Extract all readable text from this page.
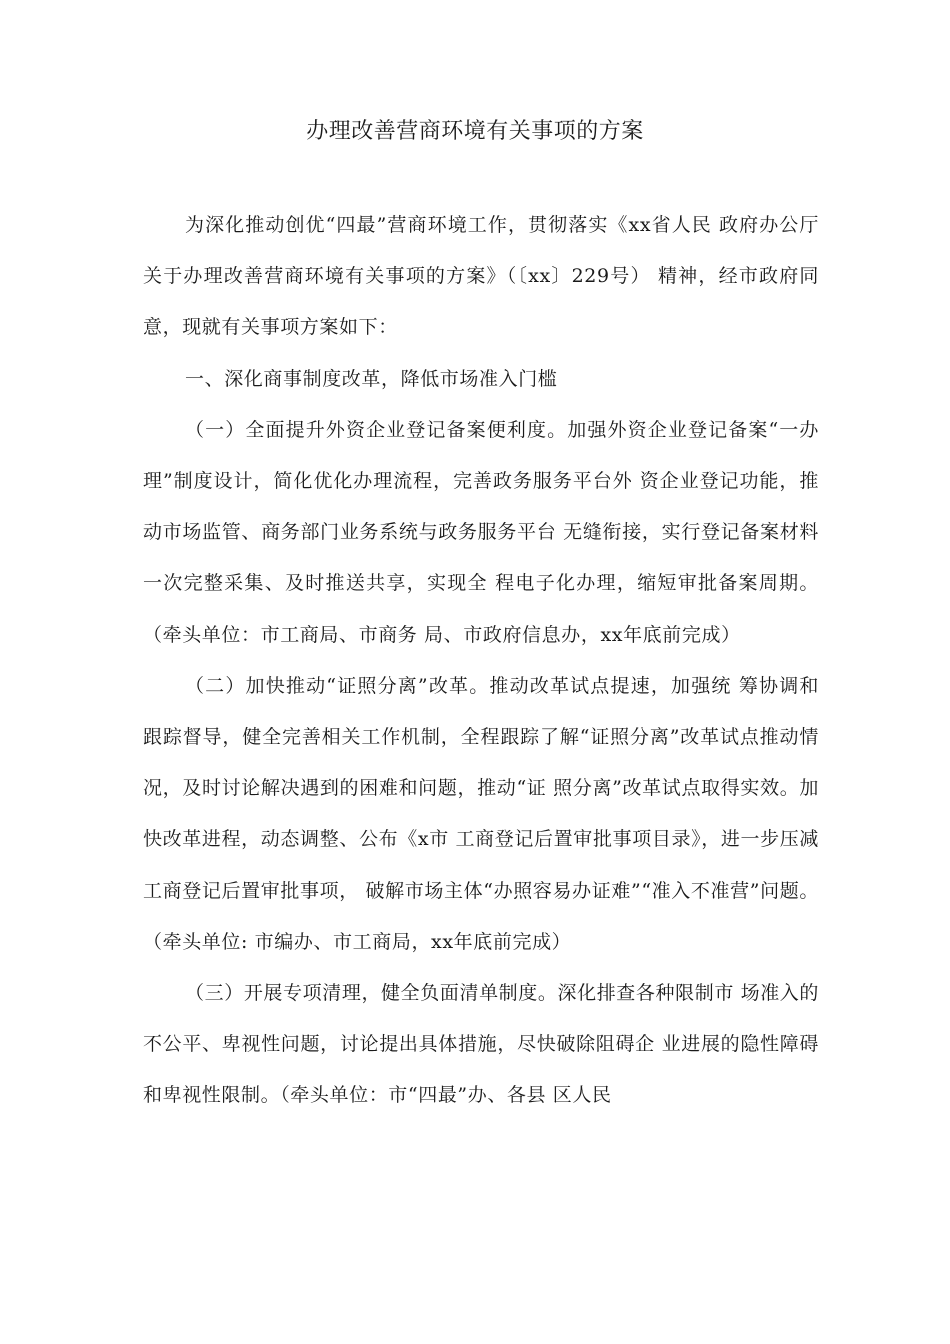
办理改善营商环境有关事项的方案

为深化推动创优“四最”营商环境工作，贯彻落实《xx省人民 政府办公厅关于办理改善营商环境有关事项的方案》（〔xx〕229号） 精神，经市政府同意，现就有关事项方案如下：

一、深化商事制度改革，降低市场准入门槛

（一）全面提升外资企业登记备案便利度。加强外资企业登记备案“一办理”制度设计，简化优化办理流程，完善政务服务平台外 资企业登记功能，推动市场监管、商务部门业务系统与政务服务平台 无缝衔接，实行登记备案材料一次完整采集、及时推送共享，实现全 程电子化办理，缩短审批备案周期。（牵头单位：市工商局、市商务 局、市政府信息办，xx年底前完成）

（二）加快推动“证照分离”改革。推动改革试点提速，加强统 筹协调和跟踪督导，健全完善相关工作机制，全程跟踪了解“证照分离”改革试点推动情况，及时讨论解决遇到的困难和问题，推动“证 照分离”改革试点取得实效。加快改革进程，动态调整、公布《x市 工商登记后置审批事项目录》，进一步压减工商登记后置审批事项， 破解市场主体“办照容易办证难”“准入不准营”问题。（牵头单位: 市编办、市工商局，xx年底前完成）

（三）开展专项清理，健全负面清单制度。深化排查各种限制市 场准入的不公平、卑视性问题，讨论提出具体措施，尽快破除阻碍企 业进展的隐性障碍和卑视性限制。（牵头单位：市“四最”办、各县 区人民
